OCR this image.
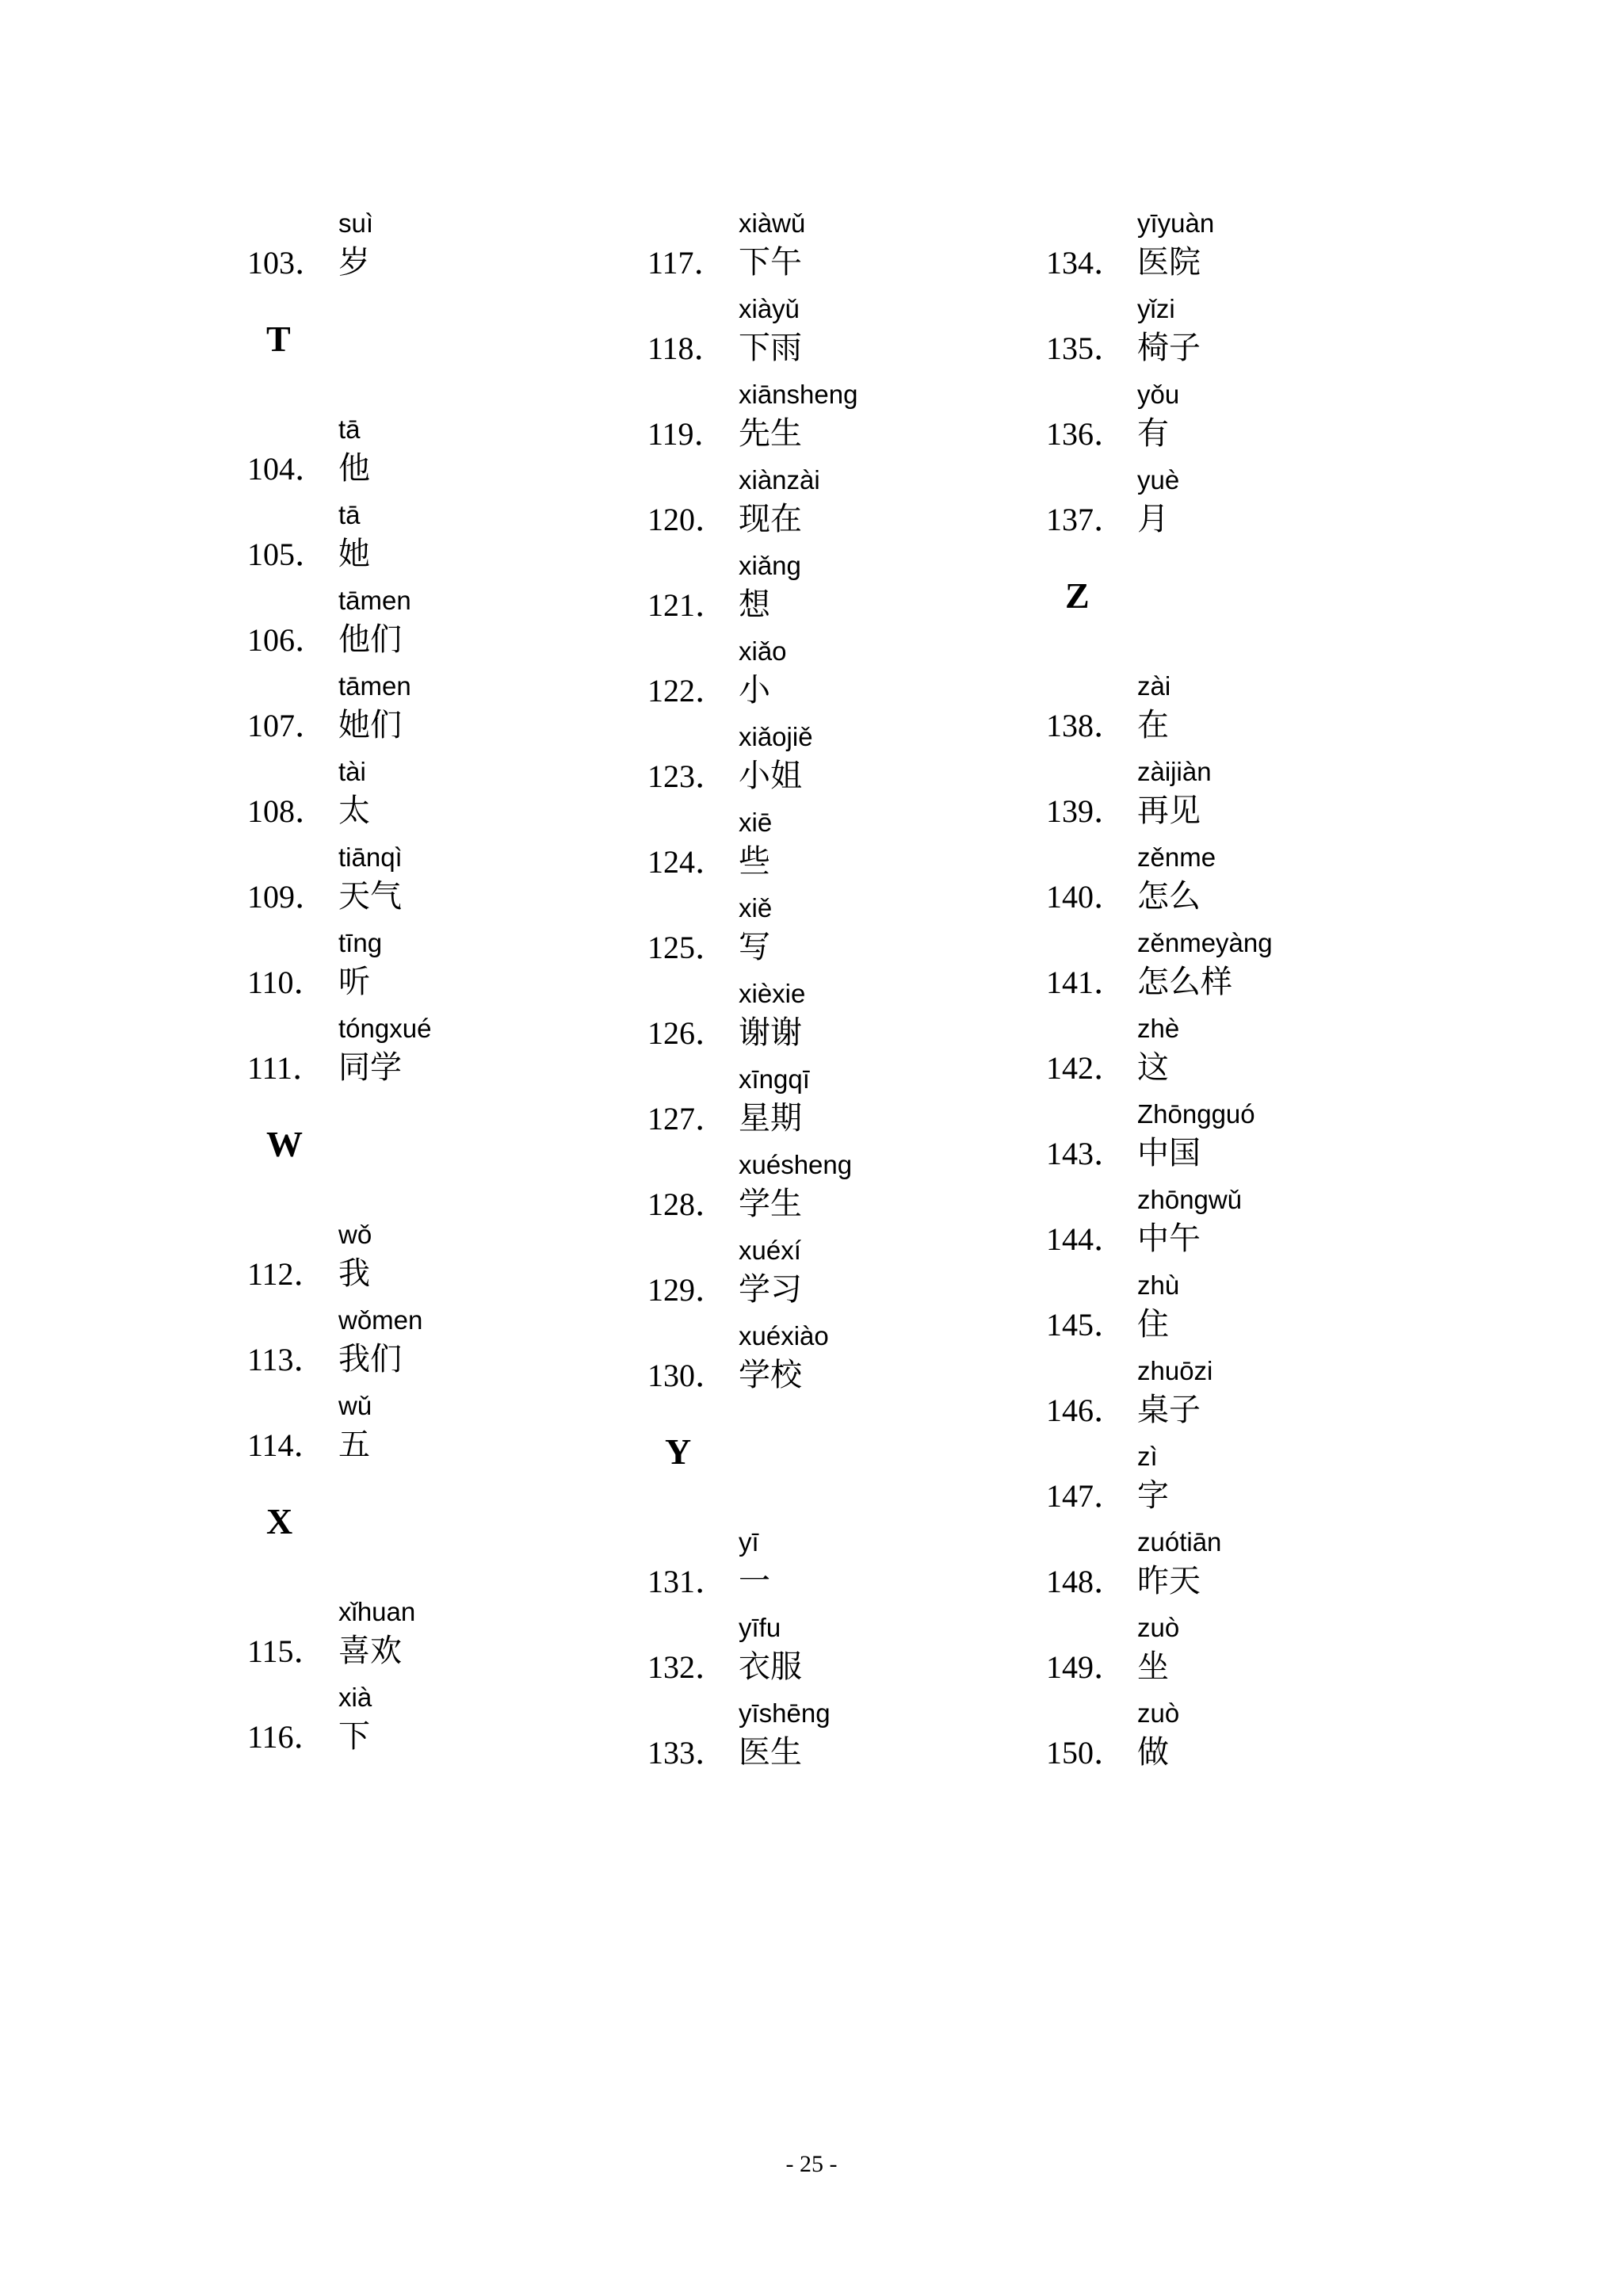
suì
103． 岁
T
tā
104． 他
tā
105． 她
tāmen
106． 他们
tāmen
107． 她们
tài
108． 太
tiānqì
109． 天气
tīng
110． 听
tóngxué
111． 同学
W
wǒ
112． 我
wǒmen
113． 我们
wǔ
114． 五
X
xǐhuan
115． 喜欢
xià
116． 下
xiàwǔ
117． 下午
xiàyǔ
118． 下雨
xiānsheng
119． 先生
xiànzài
120． 现在
xiǎng
121． 想
xiǎo
122． 小
xiǎojiě
123． 小姐
xiē
124． 些
xiě
125． 写
xièxie
126． 谢谢
xīngqī
127． 星期
xuésheng
128． 学生
xuéxí
129． 学习
xuéxiào
130． 学校
Y
yī
131． 一
yīfu
132． 衣服
yīshēng
133． 医生
yīyuàn
134． 医院
yǐzi
135． 椅子
yǒu
136． 有
yuè
137． 月
Z
zài
138． 在
zàijiàn
139． 再见
zěnme
140． 怎么
zěnmeyàng
141． 怎么样
zhè
142． 这
Zhōngguó
143． 中国
zhōngwǔ
144． 中午
zhù
145． 住
zhuōzi
146． 桌子
zì
147． 字
zuótiān
148． 昨天
zuò
149． 坐
zuò
150． 做
- 25 -
